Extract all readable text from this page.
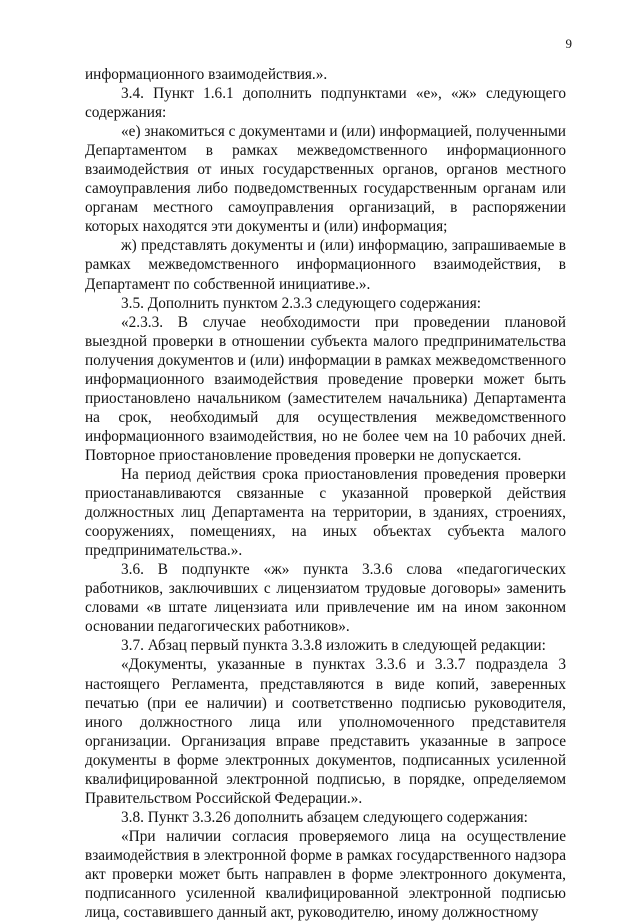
9

информационного взаимодействия.».

3.4. Пункт 1.6.1 дополнить подпунктами «е», «ж» следующего содержания:

«е) знакомиться с документами и (или) информацией, полученными Департаментом в рамках межведомственного информационного взаимодействия от иных государственных органов, органов местного самоуправления либо подведомственных государственным органам или органам местного самоуправления организаций, в распоряжении которых находятся эти документы и (или) информация;

ж) представлять документы и (или) информацию, запрашиваемые в рамках межведомственного информационного взаимодействия, в Департамент по собственной инициативе.».

3.5. Дополнить пунктом 2.3.3 следующего содержания:

«2.3.3. В случае необходимости при проведении плановой выездной проверки в отношении субъекта малого предпринимательства получения документов и (или) информации в рамках межведомственного информационного взаимодействия проведение проверки может быть приостановлено начальником (заместителем начальника) Департамента на срок, необходимый для осуществления межведомственного информационного взаимодействия, но не более чем на 10 рабочих дней. Повторное приостановление проведения проверки не допускается.

На период действия срока приостановления проведения проверки приостанавливаются связанные с указанной проверкой действия должностных лиц Департамента на территории, в зданиях, строениях, сооружениях, помещениях, на иных объектах субъекта малого предпринимательства.».

3.6. В подпункте «ж» пункта 3.3.6 слова «педагогических работников, заключивших с лицензиатом трудовые договоры» заменить словами «в штате лицензиата или привлечение им на ином законном основании педагогических работников».

3.7. Абзац первый пункта 3.3.8 изложить в следующей редакции:

«Документы, указанные в пунктах 3.3.6 и 3.3.7 подраздела 3 настоящего Регламента, представляются в виде копий, заверенных печатью (при ее наличии) и соответственно подписью руководителя, иного должностного лица или уполномоченного представителя организации. Организация вправе представить указанные в запросе документы в форме электронных документов, подписанных усиленной квалифицированной электронной подписью, в порядке, определяемом Правительством Российской Федерации.».

3.8. Пункт 3.3.26 дополнить абзацем следующего содержания:

«При наличии согласия проверяемого лица на осуществление взаимодействия в электронной форме в рамках государственного надзора акт проверки может быть направлен в форме электронного документа, подписанного усиленной квалифицированной электронной подписью лица, составившего данный акт, руководителю, иному должностному
